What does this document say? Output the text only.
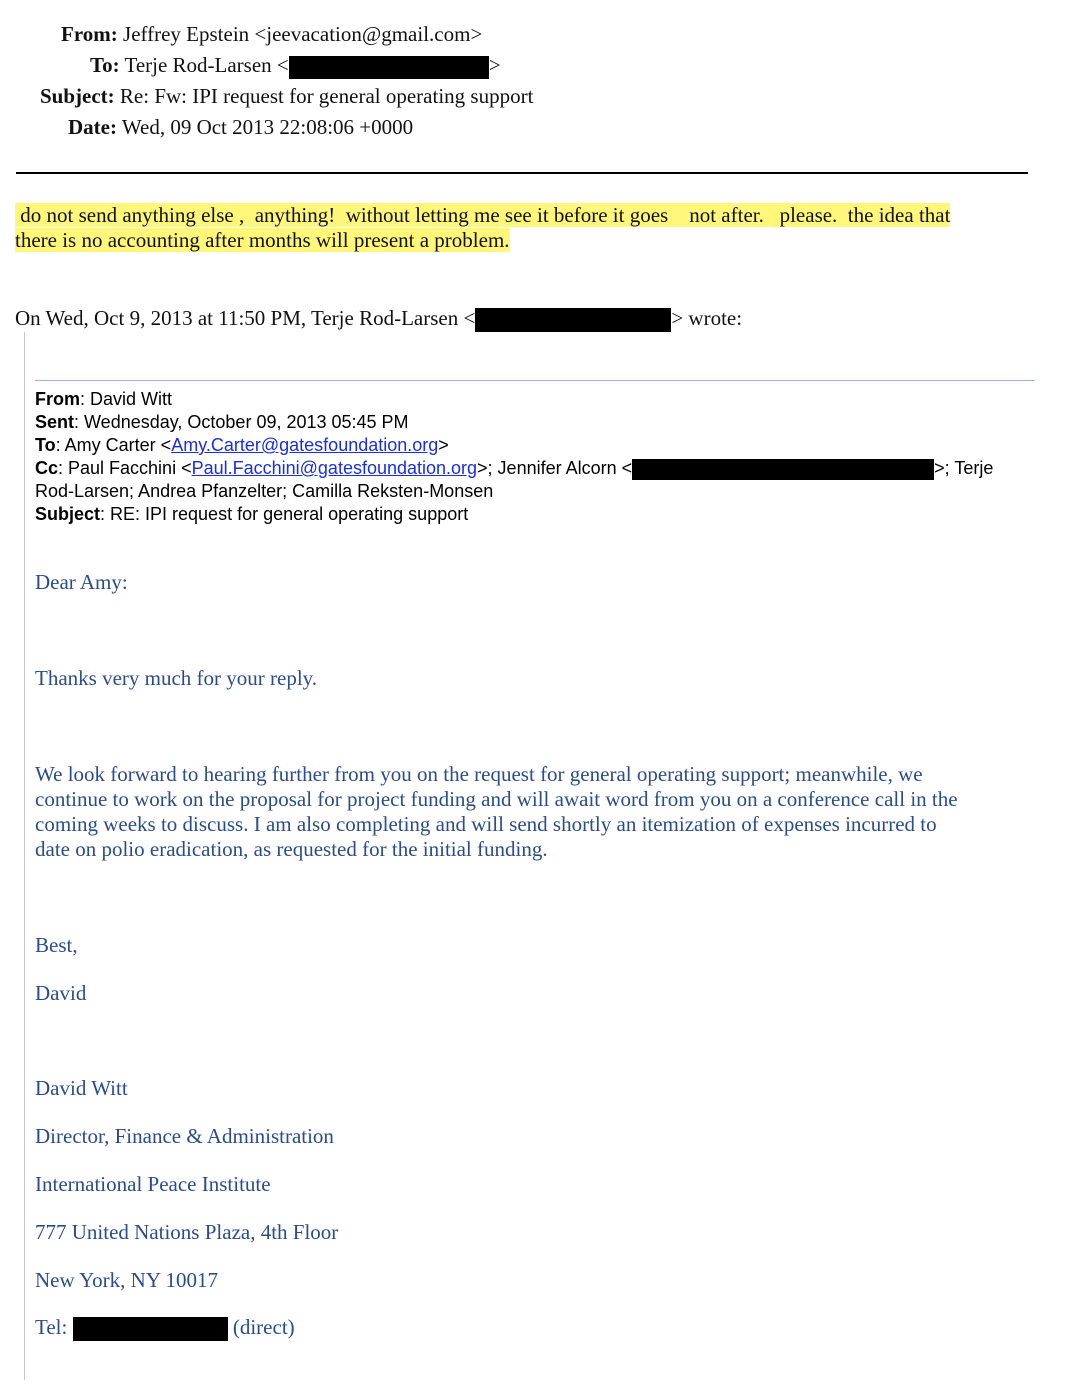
From: Jeffrey Epstein <jeevacation@gmail.com>
To: Terje Rod-Larsen <	>
Subject: Re: Fw: IPI request for general operating support
Date: Wed, 09 Oct 2013 22:08:06 +0000
do not send anything else ,  anything!  without letting me see it before it goes    not after.   please.  the idea that
there is no accounting after months will present a problem.
On Wed, Oct 9, 2013 at 11:50 PM, Terje Rod-Larsen <	> wrote:
From: David Witt
Sent: Wednesday, October 09, 2013 05:45 PM
To: Amy Carter <Amy.Carter@gatesfoundation.org>
Cc: Paul Facchini <Paul.Facchini@gatesfoundation.org>; Jennifer Alcorn <	>; Terje
Rod-Larsen; Andrea Pfanzelter; Camilla Reksten-Monsen
Subject: RE: IPI request for general operating support
Dear Amy:
Thanks very much for your reply.
We look forward to hearing further from you on the request for general operating support; meanwhile, we
continue to work on the proposal for project funding and will await word from you on a conference call in the
coming weeks to discuss. I am also completing and will send shortly an itemization of expenses incurred to
date on polio eradication, as requested for the initial funding.
Best,
David
David Witt
Director, Finance & Administration
International Peace Institute
777 United Nations Plaza, 4th Floor
New York, NY 10017
Tel:	(direct)
